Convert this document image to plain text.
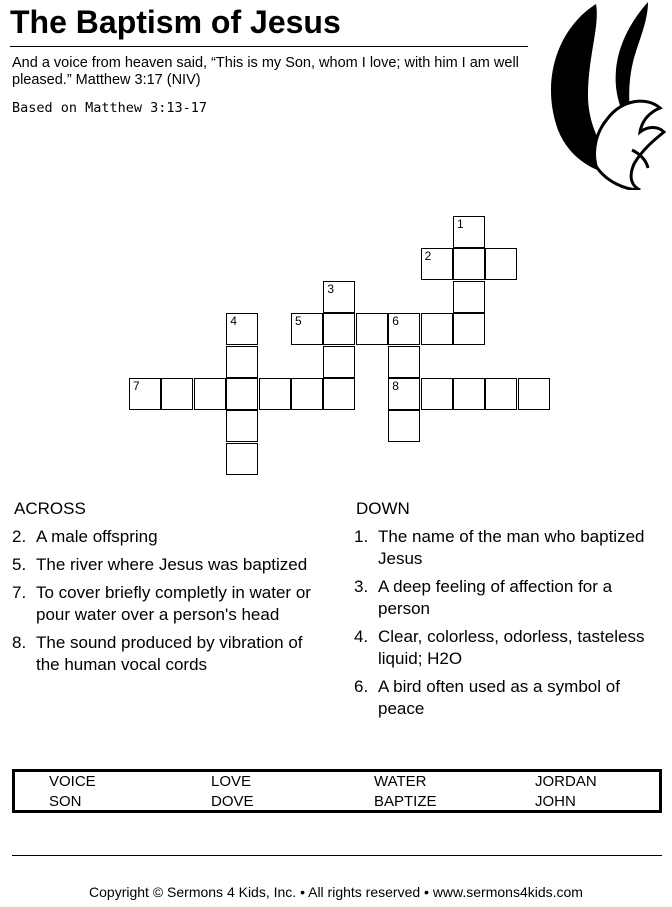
The Baptism of Jesus
And a voice from heaven said, “This is my Son, whom I love; with him I am well pleased.” Matthew 3:17 (NIV)
Based on Matthew 3:13-17
1
2
3
4	5	6
7	8
ACROSS
2. A male offspring
5. The river where Jesus was baptized
7. To cover briefly completly in water or pour water over a person's head
8. The sound produced by vibration of the human vocal cords
DOWN
1. The name of the man who baptized Jesus
3. A deep feeling of affection for a person
4. Clear, colorless, odorless, tasteless liquid; H2O
6. A bird often used as a symbol of peace
VOICE	LOVE	WATER	JORDAN
SON	DOVE	BAPTIZE	JOHN
Copyright © Sermons 4 Kids, Inc. • All rights reserved • www.sermons4kids.com
